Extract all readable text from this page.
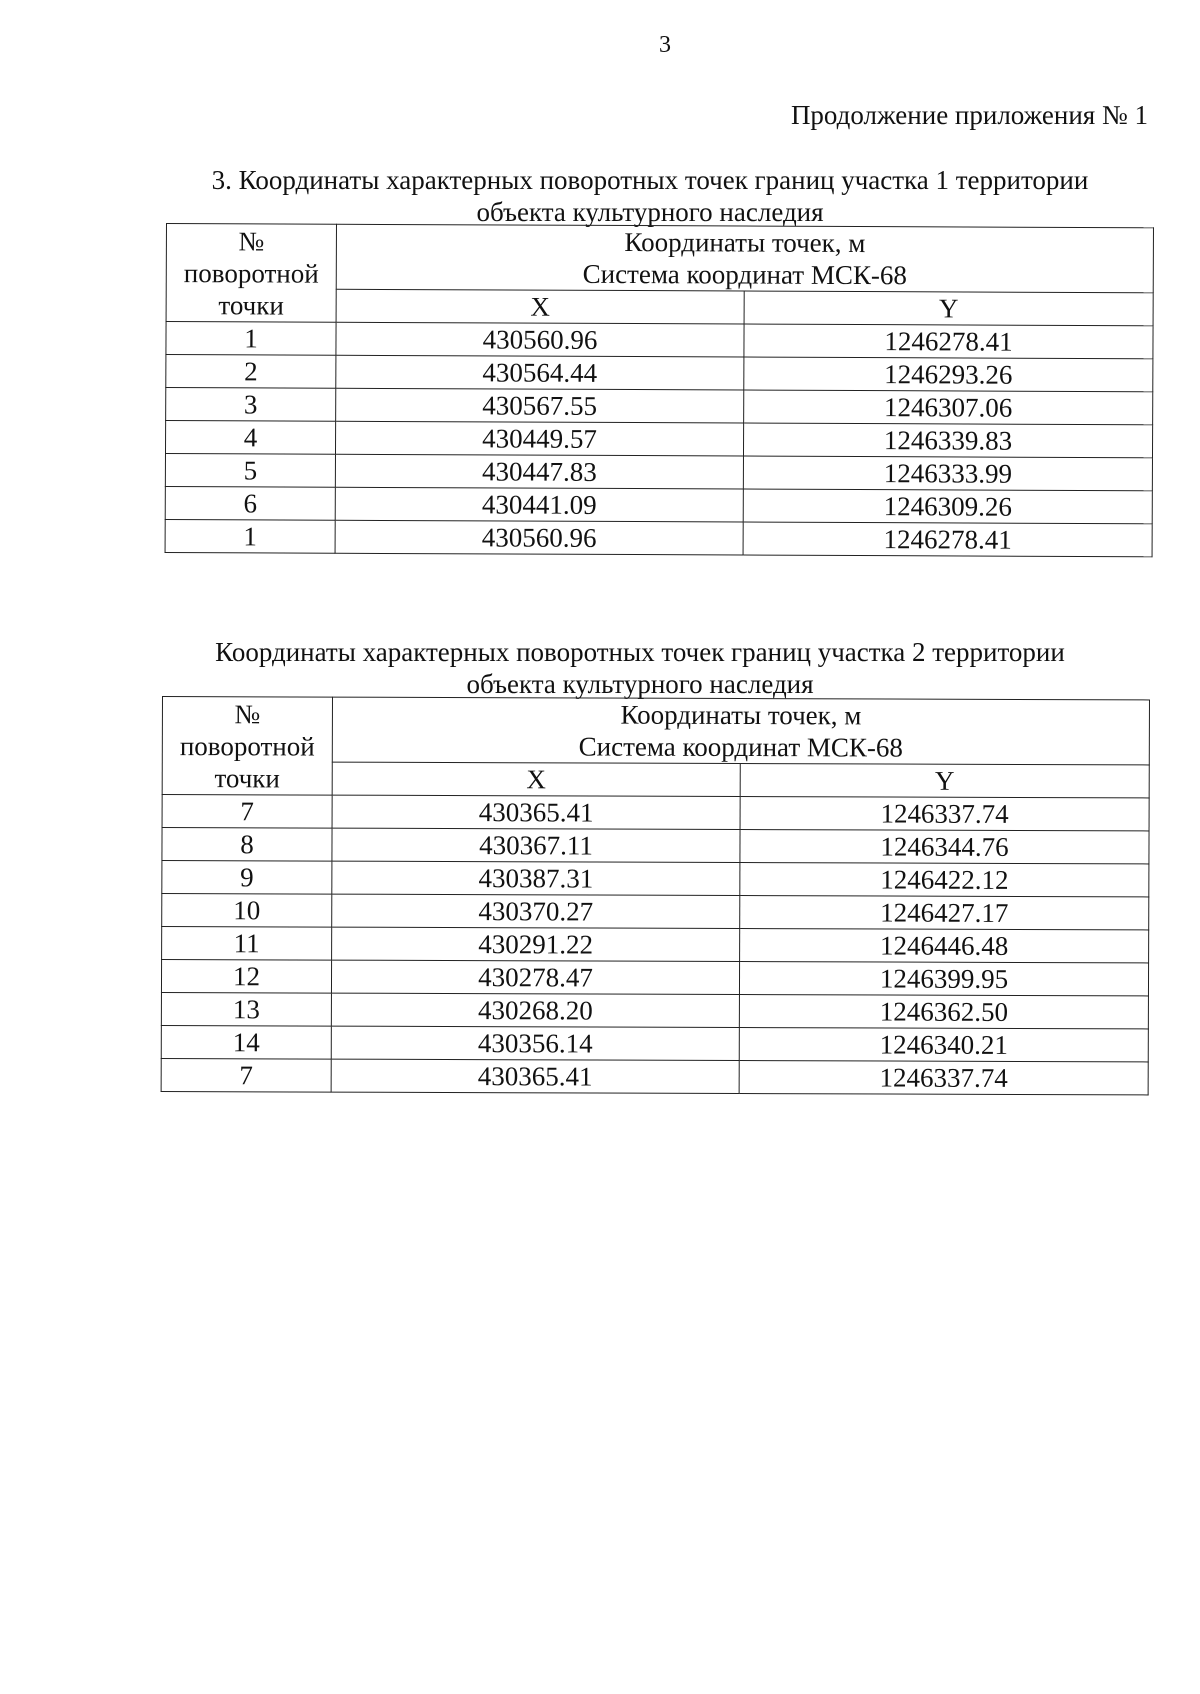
3
Продолжение приложения № 1
3. Координаты характерных поворотных точек границ участка 1 территории
объекта культурного наследия
№
поворотной
точки	Координаты точек, м
Система координат МСК-68	

	X	Y
1	430560.96	1246278.41
2	430564.44	1246293.26
3	430567.55	1246307.06
4	430449.57	1246339.83
5	430447.83	1246333.99
6	430441.09	1246309.26
1	430560.96	1246278.41
Координаты характерных поворотных точек границ участка 2 территории
объекта культурного наследия
№
поворотной
точки	Координаты точек, м
Система координат МСК-68	

	X	Y
7	430365.41	1246337.74
8	430367.11	1246344.76
9	430387.31	1246422.12
10	430370.27	1246427.17
11	430291.22	1246446.48
12	430278.47	1246399.95
13	430268.20	1246362.50
14	430356.14	1246340.21
7	430365.41	1246337.74
